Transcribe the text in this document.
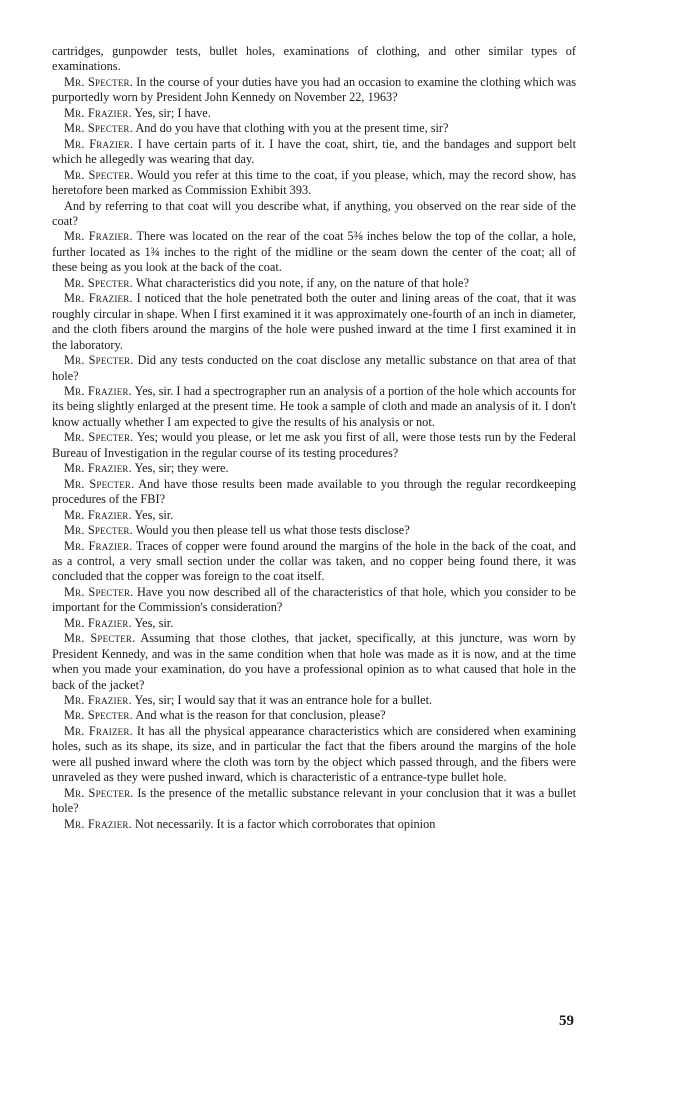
cartridges, gunpowder tests, bullet holes, examinations of clothing, and other similar types of examinations.

Mr. Specter. In the course of your duties have you had an occasion to examine the clothing which was purportedly worn by President John Kennedy on November 22, 1963?

Mr. Frazier. Yes, sir; I have.

Mr. Specter. And do you have that clothing with you at the present time, sir?

Mr. Frazier. I have certain parts of it. I have the coat, shirt, tie, and the bandages and support belt which he allegedly was wearing that day.

Mr. Specter. Would you refer at this time to the coat, if you please, which, may the record show, has heretofore been marked as Commission Exhibit 393.

And by referring to that coat will you describe what, if anything, you observed on the rear side of the coat?

Mr. Frazier. There was located on the rear of the coat 5⅜ inches below the top of the collar, a hole, further located as 1¾ inches to the right of the midline or the seam down the center of the coat; all of these being as you look at the back of the coat.

Mr. Specter. What characteristics did you note, if any, on the nature of that hole?

Mr. Frazier. I noticed that the hole penetrated both the outer and lining areas of the coat, that it was roughly circular in shape. When I first examined it it was approximately one-fourth of an inch in diameter, and the cloth fibers around the margins of the hole were pushed inward at the time I first examined it in the laboratory.

Mr. Specter. Did any tests conducted on the coat disclose any metallic substance on that area of that hole?

Mr. Frazier. Yes, sir. I had a spectrographer run an analysis of a portion of the hole which accounts for its being slightly enlarged at the present time. He took a sample of cloth and made an analysis of it. I don't know actually whether I am expected to give the results of his analysis or not.

Mr. Specter. Yes; would you please, or let me ask you first of all, were those tests run by the Federal Bureau of Investigation in the regular course of its testing procedures?

Mr. Frazier. Yes, sir; they were.

Mr. Specter. And have those results been made available to you through the regular recordkeeping procedures of the FBI?

Mr. Frazier. Yes, sir.

Mr. Specter. Would you then please tell us what those tests disclose?

Mr. Frazier. Traces of copper were found around the margins of the hole in the back of the coat, and as a control, a very small section under the collar was taken, and no copper being found there, it was concluded that the copper was foreign to the coat itself.

Mr. Specter. Have you now described all of the characteristics of that hole, which you consider to be important for the Commission's consideration?

Mr. Frazier. Yes, sir.

Mr. Specter. Assuming that those clothes, that jacket, specifically, at this juncture, was worn by President Kennedy, and was in the same condition when that hole was made as it is now, and at the time when you made your examination, do you have a professional opinion as to what caused that hole in the back of the jacket?

Mr. Frazier. Yes, sir; I would say that it was an entrance hole for a bullet.

Mr. Specter. And what is the reason for that conclusion, please?

Mr. Fraizer. It has all the physical appearance characteristics which are considered when examining holes, such as its shape, its size, and in particular the fact that the fibers around the margins of the hole were all pushed inward where the cloth was torn by the object which passed through, and the fibers were unraveled as they were pushed inward, which is characteristic of a entrance-type bullet hole.

Mr. Specter. Is the presence of the metallic substance relevant in your conclusion that it was a bullet hole?

Mr. Frazier. Not necessarily. It is a factor which corroborates that opinion

59
